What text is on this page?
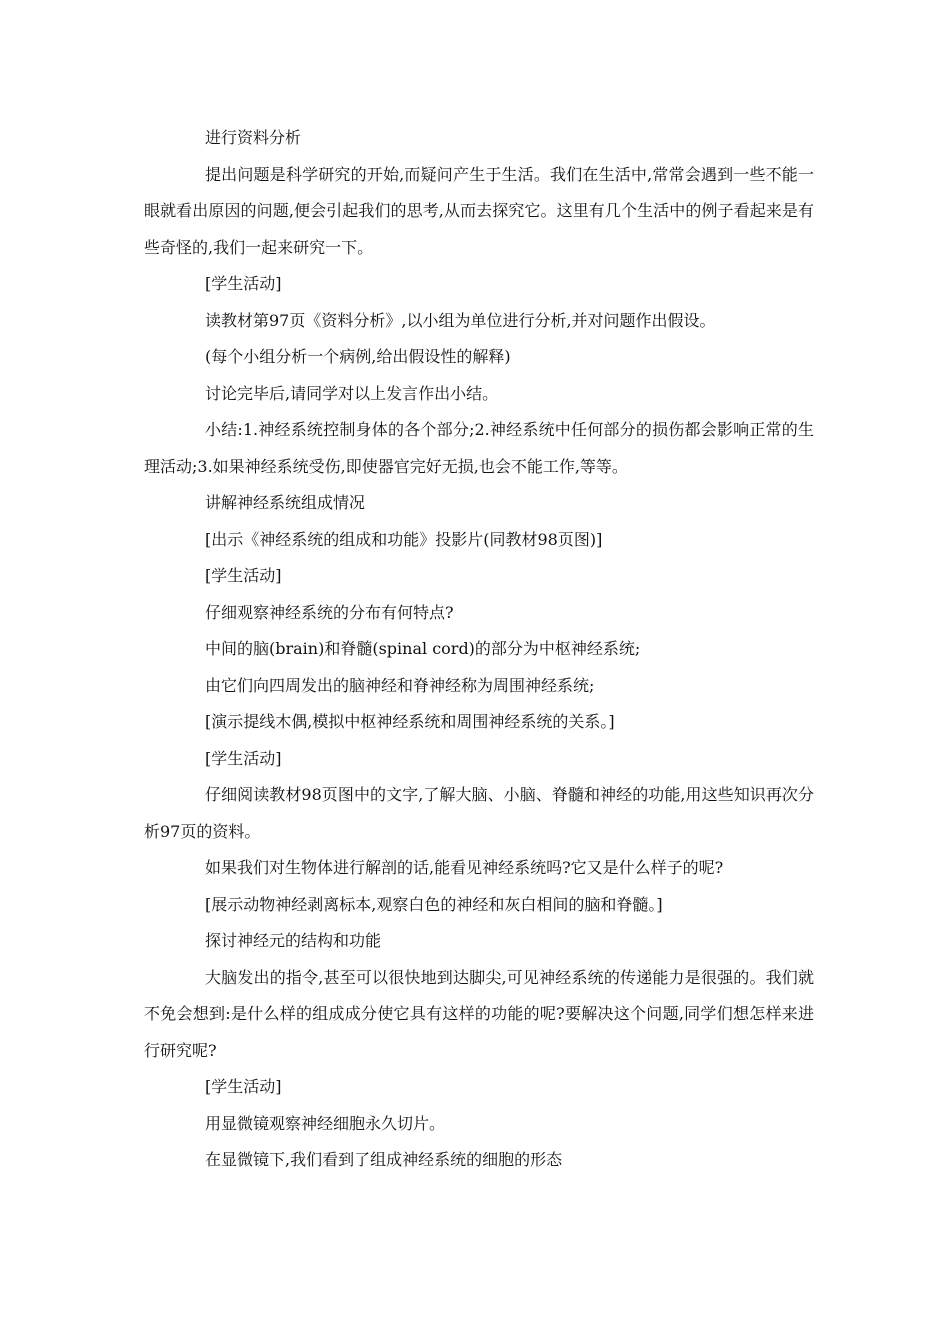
进行资料分析

提出问题是科学研究的开始,而疑问产生于生活。我们在生活中,常常会遇到一些不能一眼就看出原因的问题,便会引起我们的思考,从而去探究它。这里有几个生活中的例子看起来是有些奇怪的,我们一起来研究一下。

[学生活动]

读教材第97页《资料分析》,以小组为单位进行分析,并对问题作出假设。

(每个小组分析一个病例,给出假设性的解释)

讨论完毕后,请同学对以上发言作出小结。

小结:1.神经系统控制身体的各个部分;2.神经系统中任何部分的损伤都会影响正常的生理活动;3.如果神经系统受伤,即使器官完好无损,也会不能工作,等等。

讲解神经系统组成情况

[出示《神经系统的组成和功能》投影片(同教材98页图)]

[学生活动]

仔细观察神经系统的分布有何特点?

中间的脑(brain)和脊髓(spinal cord)的部分为中枢神经系统;

由它们向四周发出的脑神经和脊神经称为周围神经系统;

[演示提线木偶,模拟中枢神经系统和周围神经系统的关系。]

[学生活动]

仔细阅读教材98页图中的文字,了解大脑、小脑、脊髓和神经的功能,用这些知识再次分析97页的资料。

如果我们对生物体进行解剖的话,能看见神经系统吗?它又是什么样子的呢?

[展示动物神经剥离标本,观察白色的神经和灰白相间的脑和脊髓。]

探讨神经元的结构和功能

大脑发出的指令,甚至可以很快地到达脚尖,可见神经系统的传递能力是很强的。我们就不免会想到:是什么样的组成成分使它具有这样的功能的呢?要解决这个问题,同学们想怎样来进行研究呢?

[学生活动]

用显微镜观察神经细胞永久切片。

在显微镜下,我们看到了组成神经系统的细胞的形态
